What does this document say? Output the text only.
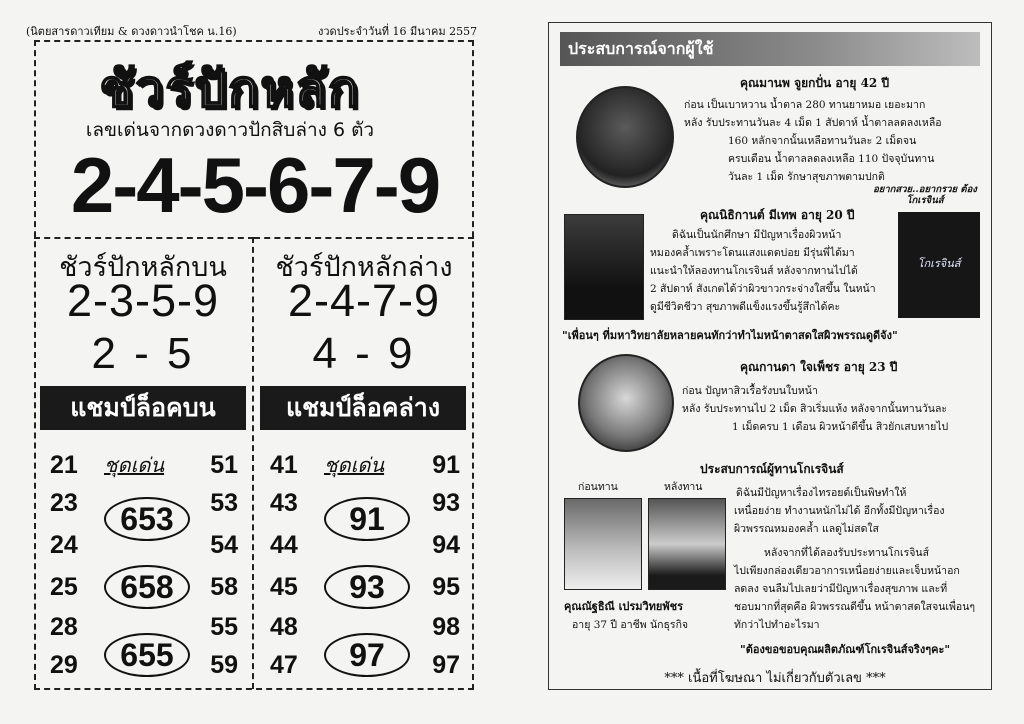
(นิตยสารดาวเทียม & ดวงดาวนำโชค น.16)	งวดประจำวันที่ 16 มีนาคม 2557
ชัวร์ปักหลัก
เลขเด่นจากดวงดาวปักสิบล่าง 6 ตัว
2-4-5-6-7-9
ชัวร์ปักหลักบน
2-3-5-9
2 - 5
แชมป์ล็อคบน
ชุดเด่น
21	51
23	53
24	54
25	58
28	55
29	59
653
658
655
ชัวร์ปักหลักล่าง
2-4-7-9
4 - 9
แชมป์ล็อคล่าง
ชุดเด่น
41	91
43	93
44	94
45	95
48	98
47	97
91
93
97
ประสบการณ์จากผู้ใช้
คุณมานพ จูยกปั่น อายุ 42 ปี
ก่อน เป็นเบาหวาน น้ำตาล 280 ทานยาหมอ เยอะมาก
หลัง รับประทานวันละ 4 เม็ด 1 สัปดาห์ น้ำตาลลดลงเหลือ
160 หลักจากนั้นเหลือทานวันละ 2 เม็ดจน
ครบเดือน น้ำตาลลดลงเหลือ 110 ปัจจุบันทาน
วันละ 1 เม็ด รักษาสุขภาพตามปกติ
อยากสวย..อยากรวย ต้องโกเรจินส์
โกเรจินส์
คุณนิธิกานต์ มีเทพ อายุ 20 ปี
ดิฉันเป็นนักศึกษา มีปัญหาเรื่องผิวหน้า
หมองคล้ำเพราะโดนแสงแดดบ่อย มีรุ่นพี่ได้มา
แนะนำให้ลองทานโกเรจินส์ หลังจากทานไปได้
2 สัปดาห์ สังเกตได้ว่าผิวขาวกระจ่างใสขึ้น ในหน้า
ดูมีชีวิตชีวา สุขภาพดีแข็งแรงขึ้นรู้สึกได้คะ
"เพื่อนๆ ที่มหาวิทยาลัยหลายคนทักว่าทำไมหน้าตาสดใสผิวพรรณดูดีจัง"
คุณกานดา ใจเพ็ชร อายุ 23 ปี
ก่อน ปัญหาสิวเรื้อรังบนใบหน้า
หลัง รับประทานไป 2 เม็ด สิวเริ่มแห้ง หลังจากนั้นทานวันละ
1 เม็ดครบ 1 เดือน ผิวหน้าดีขึ้น สิวยักเสบหายไป
ประสบการณ์ผู้ทานโกเรจินส์
ก่อนทาน	หลังทาน
คุณณัฐธิณี เปรมวิทยพัชร
อายุ 37 ปี อาชีพ นักธุรกิจ
ดิฉันมีปัญหาเรื่องไทรอยด์เป็นพิษทำให้
เหนื่อยง่าย ทำงานหนักไม่ได้ อีกทั้งมีปัญหาเรื่อง
ผิวพรรณหมองคล้ำ แลดูไม่สดใส
หลังจากที่ได้ลองรับประทานโกเรจินส์
ไปเพียงกล่องเดียวอาการเหนื่อยง่ายและเจ็บหน้าอก
ลดลง จนลืมไปเลยว่ามีปัญหาเรื่องสุขภาพ และที่
ชอบมากที่สุดคือ ผิวพรรณดีขึ้น หน้าตาสดใสจนเพื่อนๆ
ทักว่าไปทำอะไรมา
"ต้องขอขอบคุณผลิตภัณฑ์โกเรจินส์จริงๆคะ"
*** เนื้อที่โฆษณา ไม่เกี่ยวกับตัวเลข ***
